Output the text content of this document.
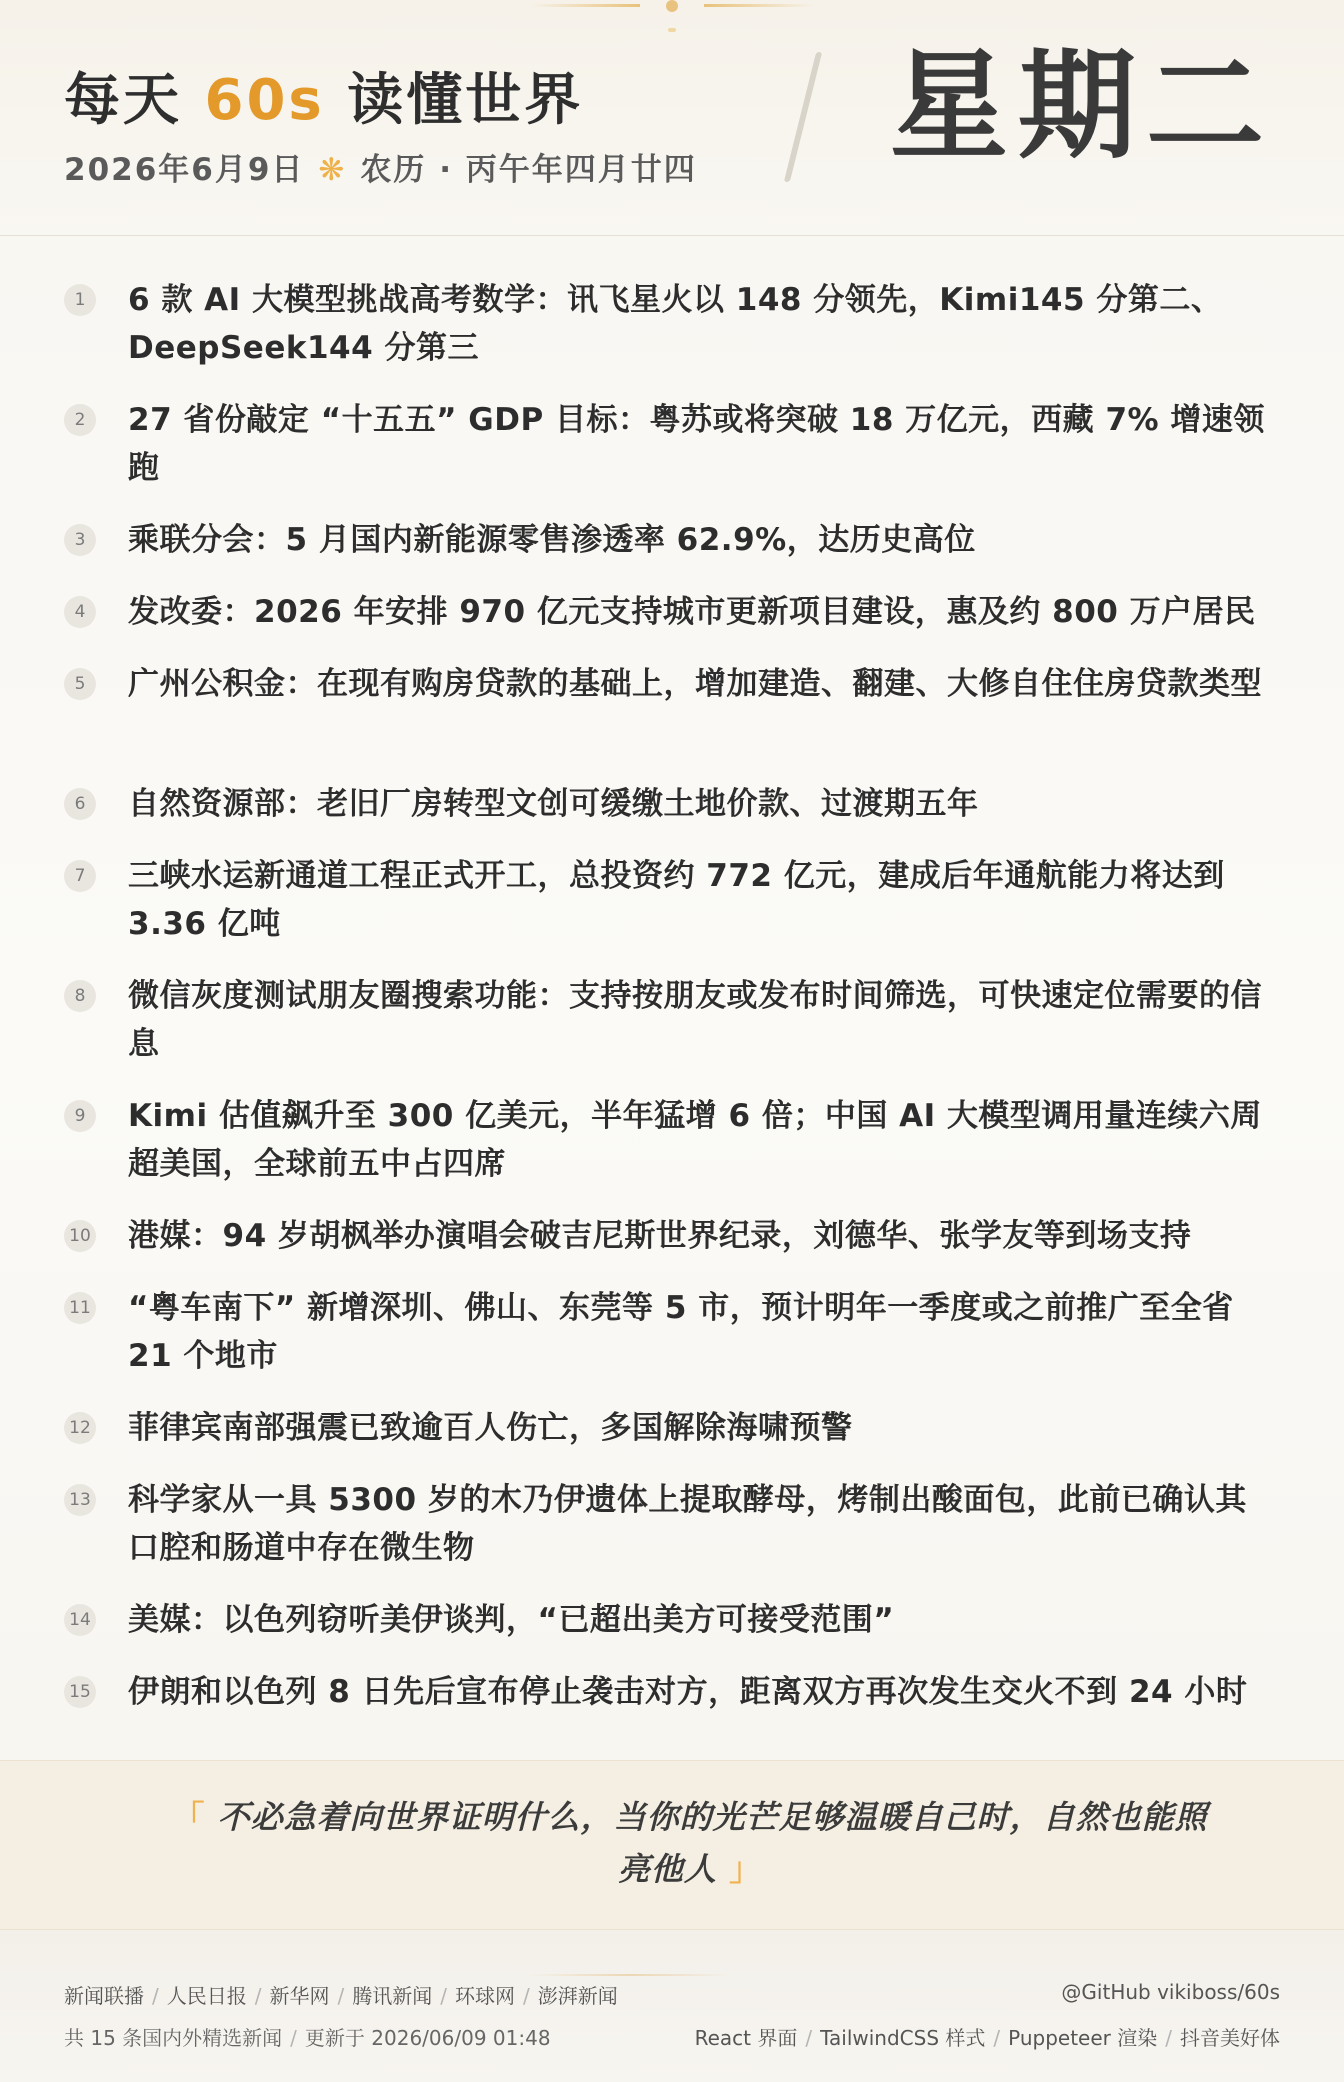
每天 60s 读懂世界
2026年6月9日 ❋ 农历 · 丙午年四月廿四 星期二
1	6 款 AI 大模型挑战高考数学：讯飞星火以 148 分领先，Kimi145 分第二、DeepSeek144 分第三
2	27 省份敲定 “十五五” GDP 目标：粤苏或将突破 18 万亿元，西藏 7% 增速领跑
3	乘联分会：5 月国内新能源零售渗透率 62.9%，达历史高位
4	发改委：2026 年安排 970 亿元支持城市更新项目建设，惠及约 800 万户居民
5	广州公积金：在现有购房贷款的基础上，增加建造、翻建、大修自住住房贷款类型
6	自然资源部：老旧厂房转型文创可缓缴土地价款、过渡期五年
7	三峡水运新通道工程正式开工，总投资约 772 亿元，建成后年通航能力将达到 3.36 亿吨
8	微信灰度测试朋友圈搜索功能：支持按朋友或发布时间筛选，可快速定位需要的信息
9	Kimi 估值飙升至 300 亿美元，半年猛增 6 倍；中国 AI 大模型调用量连续六周超美国，全球前五中占四席
10 港媒：94 岁胡枫举办演唱会破吉尼斯世界纪录，刘德华、张学友等到场支持
11 “粤车南下” 新增深圳、佛山、东莞等 5 市，预计明年一季度或之前推广至全省 21 个地市
12 菲律宾南部强震已致逾百人伤亡，多国解除海啸预警
13 科学家从一具 5300 岁的木乃伊遗体上提取酵母，烤制出酸面包，此前已确认其口腔和肠道中存在微生物
14 美媒：以色列窃听美伊谈判，“已超出美方可接受范围”
15 伊朗和以色列 8 日先后宣布停止袭击对方，距离双方再次发生交火不到 24 小时
「 不必急着向世界证明什么，当你的光芒足够温暖自己时，自然也能照亮他人 」
新闻联播 / 人民日报 / 新华网 / 腾讯新闻 / 环球网 / 澎湃新闻	@GitHub vikiboss/60s
共 15 条国内外精选新闻 / 更新于 2026/06/09 01:48	React 界面 / TailwindCSS 样式 / Puppeteer 渲染 / 抖音美好体
